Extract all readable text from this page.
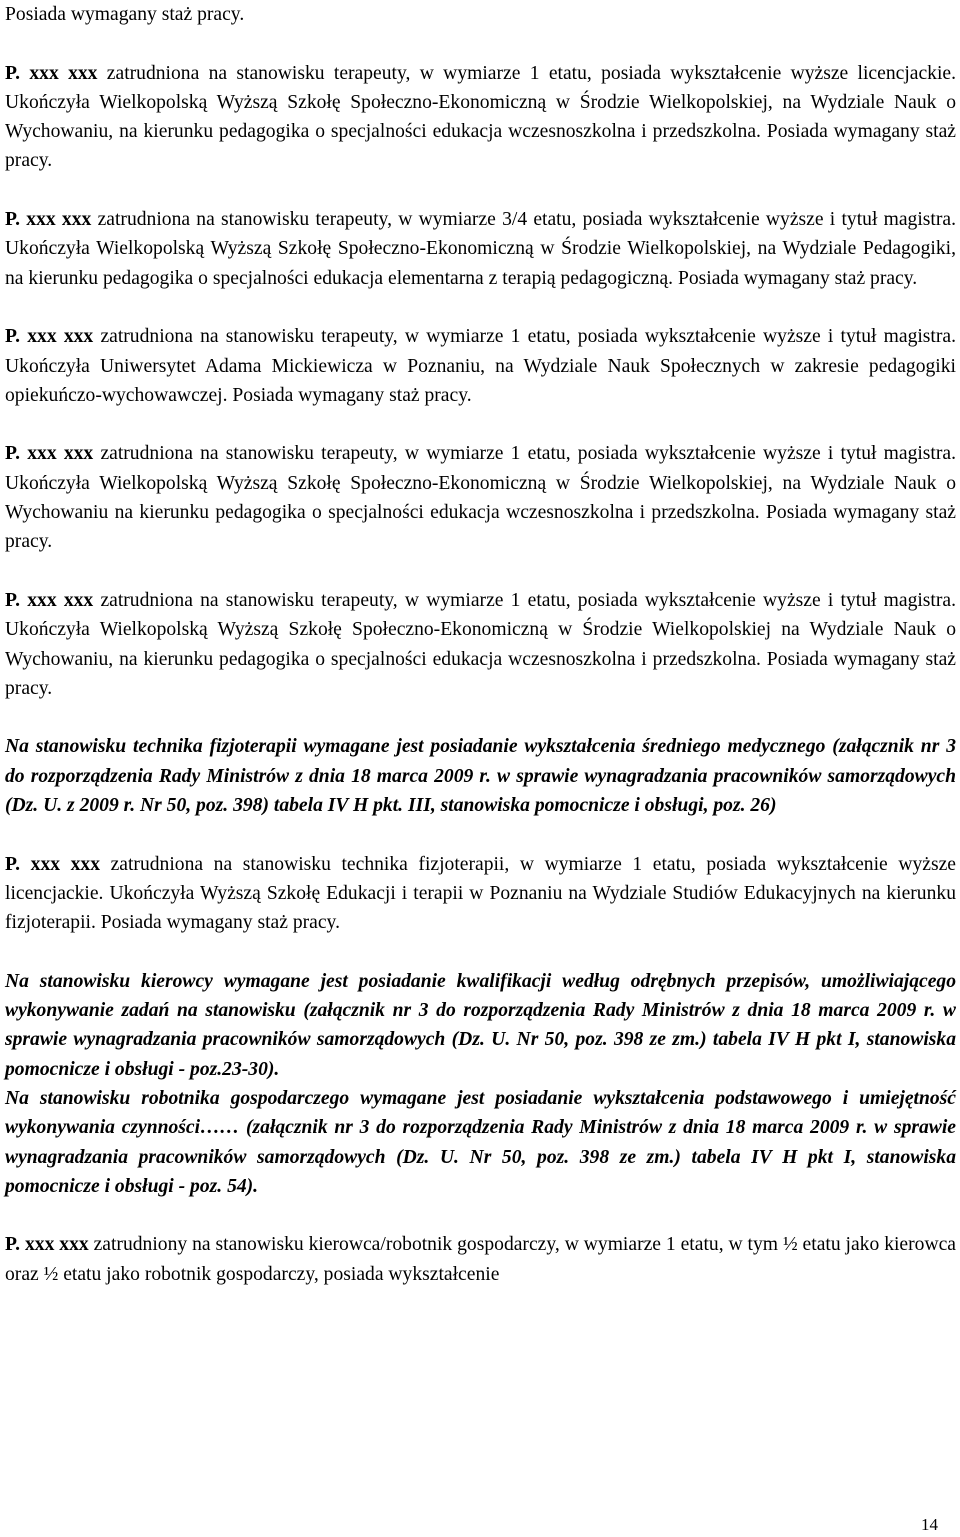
Posiada wymagany staż pracy.

P. xxx xxx zatrudniona na stanowisku terapeuty, w wymiarze 1 etatu, posiada wykształcenie wyższe licencjackie. Ukończyła Wielkopolską Wyższą Szkołę Społeczno-Ekonomiczną w Środzie Wielkopolskiej, na Wydziale Nauk o Wychowaniu, na kierunku pedagogika o specjalności edukacja wczesnoszkolna i przedszkolna. Posiada wymagany staż pracy.

P. xxx xxx zatrudniona na stanowisku terapeuty, w wymiarze 3/4 etatu, posiada wykształcenie wyższe i tytuł magistra. Ukończyła Wielkopolską Wyższą Szkołę Społeczno-Ekonomiczną w Środzie Wielkopolskiej, na Wydziale Pedagogiki, na kierunku pedagogika o specjalności edukacja elementarna z terapią pedagogiczną. Posiada wymagany staż pracy.

P. xxx xxx zatrudniona na stanowisku terapeuty, w wymiarze 1 etatu, posiada wykształcenie wyższe i tytuł magistra. Ukończyła Uniwersytet Adama Mickiewicza w Poznaniu, na Wydziale Nauk Społecznych w zakresie pedagogiki opiekuńczo-wychowawczej. Posiada wymagany staż pracy.

P. xxx xxx zatrudniona na stanowisku terapeuty, w wymiarze 1 etatu, posiada wykształcenie wyższe i tytuł magistra. Ukończyła Wielkopolską Wyższą Szkołę Społeczno-Ekonomiczną w Środzie Wielkopolskiej, na Wydziale Nauk o Wychowaniu na kierunku pedagogika o specjalności edukacja wczesnoszkolna i przedszkolna. Posiada wymagany staż pracy.

P. xxx xxx zatrudniona na stanowisku terapeuty, w wymiarze 1 etatu, posiada wykształcenie wyższe i tytuł magistra. Ukończyła Wielkopolską Wyższą Szkołę Społeczno-Ekonomiczną w Środzie Wielkopolskiej na Wydziale Nauk o Wychowaniu, na kierunku pedagogika o specjalności edukacja wczesnoszkolna i przedszkolna. Posiada wymagany staż pracy.

Na stanowisku technika fizjoterapii wymagane jest posiadanie wykształcenia średniego medycznego (załącznik nr 3 do rozporządzenia Rady Ministrów z dnia 18 marca 2009 r. w sprawie wynagradzania pracowników samorządowych (Dz. U. z 2009 r. Nr 50, poz. 398) tabela IV H pkt. III, stanowiska pomocnicze i obsługi, poz. 26)

P. xxx xxx zatrudniona na stanowisku technika fizjoterapii, w wymiarze 1 etatu, posiada wykształcenie wyższe licencjackie. Ukończyła Wyższą Szkołę Edukacji i terapii w Poznaniu na Wydziale Studiów Edukacyjnych na kierunku fizjoterapii. Posiada wymagany staż pracy.

Na stanowisku kierowcy wymagane jest posiadanie kwalifikacji według odrębnych przepisów, umożliwiającego wykonywanie zadań na stanowisku (załącznik nr 3 do rozporządzenia Rady Ministrów z dnia 18 marca 2009 r. w sprawie wynagradzania pracowników samorządowych (Dz. U. Nr 50, poz. 398 ze zm.) tabela IV H pkt I, stanowiska pomocnicze i obsługi - poz.23-30).

Na stanowisku robotnika gospodarczego wymagane jest posiadanie wykształcenia podstawowego i umiejętność wykonywania czynności…… (załącznik nr 3 do rozporządzenia Rady Ministrów z dnia 18 marca 2009 r. w sprawie wynagradzania pracowników samorządowych (Dz. U. Nr 50, poz. 398 ze zm.) tabela IV H pkt I, stanowiska pomocnicze i obsługi - poz. 54).

P. xxx xxx zatrudniony na stanowisku kierowca/robotnik gospodarczy, w wymiarze 1 etatu, w tym ½ etatu jako kierowca oraz ½ etatu jako robotnik gospodarczy, posiada wykształcenie

14
